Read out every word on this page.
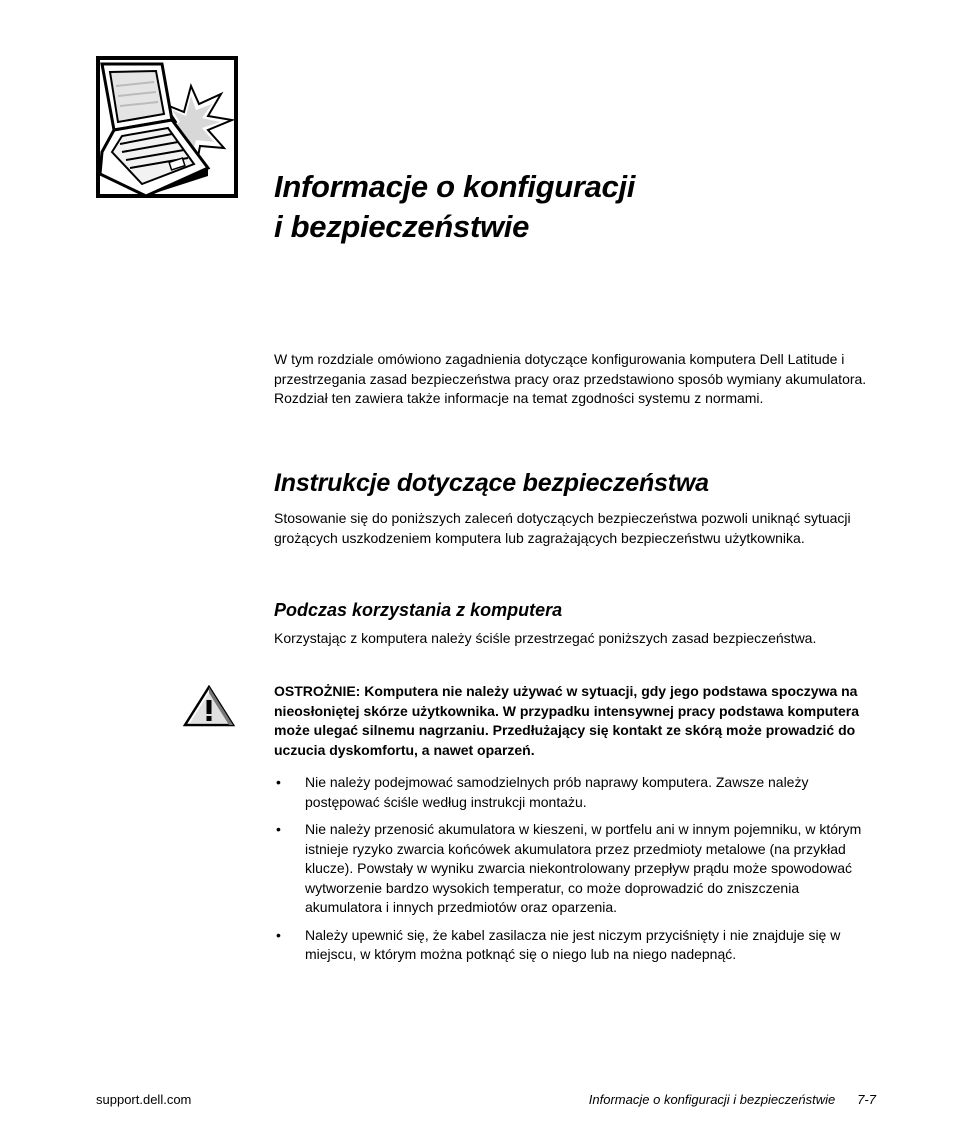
Informacje o konfiguracji
i bezpieczeństwie
W tym rozdziale omówiono zagadnienia dotyczące konfigurowania komputera Dell Latitude i przestrzegania zasad bezpieczeństwa pracy oraz przedstawiono sposób wymiany akumulatora. Rozdział ten zawiera także informacje na temat zgodności systemu z normami.
Instrukcje dotyczące bezpieczeństwa
Stosowanie się do poniższych zaleceń dotyczących bezpieczeństwa pozwoli uniknąć sytuacji grożących uszkodzeniem komputera lub zagrażających bezpieczeństwu użytkownika.
Podczas korzystania z komputera
Korzystając z komputera należy ściśle przestrzegać poniższych zasad bezpieczeństwa.
OSTROŻNIE: Komputera nie należy używać w sytuacji, gdy jego podstawa spoczywa na nieosłoniętej skórze użytkownika. W przypadku intensywnej pracy podstawa komputera może ulegać silnemu nagrzaniu. Przedłużający się kontakt ze skórą może prowadzić do uczucia dyskomfortu, a nawet oparzeń.
• Nie należy podejmować samodzielnych prób naprawy komputera. Zawsze należy postępować ściśle według instrukcji montażu.
• Nie należy przenosić akumulatora w kieszeni, w portfelu ani w innym pojemniku, w którym istnieje ryzyko zwarcia końcówek akumulatora przez przedmioty metalowe (na przykład klucze). Powstały w wyniku zwarcia niekontrolowany przepływ prądu może spowodować wytworzenie bardzo wysokich temperatur, co może doprowadzić do zniszczenia akumulatora i innych przedmiotów oraz oparzenia.
• Należy upewnić się, że kabel zasilacza nie jest niczym przyciśnięty i nie znajduje się w miejscu, w którym można potknąć się o niego lub na niego nadepnąć.
support.dell.com	Informacje o konfiguracji i bezpieczeństwie 7-7
